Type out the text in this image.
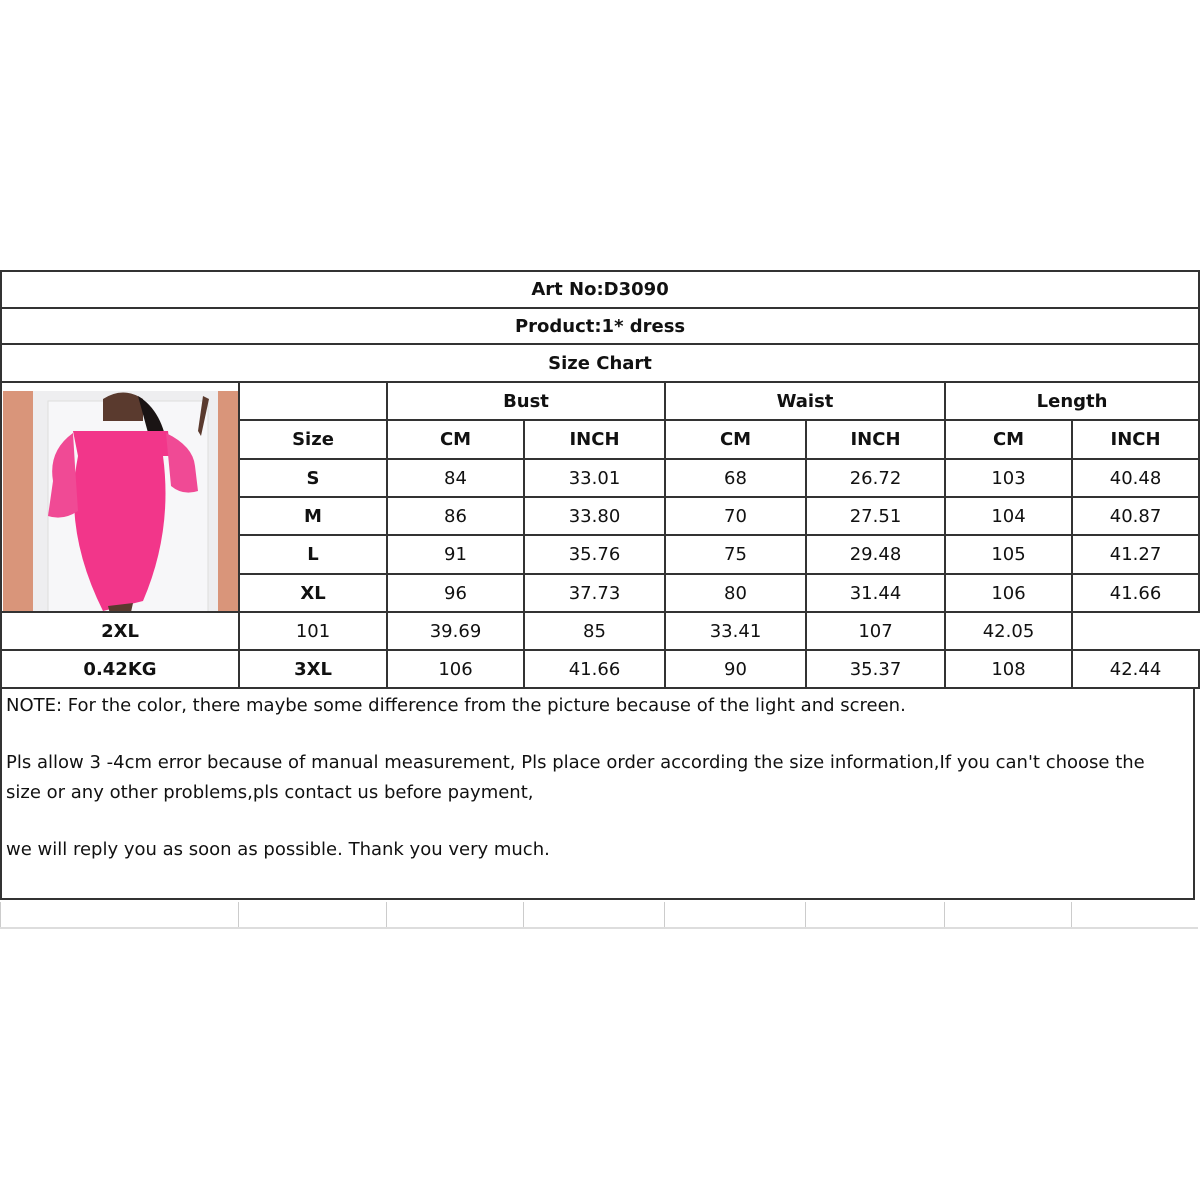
Art No:D3090							
Product:1* dress							
Size Chart							

		Bust		Waist		Length	
	Size	CM	INCH	CM	INCH	CM	INCH
	S	84	33.01	68	26.72	103	40.48
	M	86	33.80	70	27.51	104	40.87
	L	91	35.76	75	29.48	105	41.27
	XL	96	37.73	80	31.44	106	41.66
2XL	101	39.69	85	33.41	107	42.05	
0.42KG	3XL	106	41.66	90	35.37	108	42.44

NOTE: For the color, there maybe some difference from the picture because of the light and screen.

Pls allow 3 -4cm error because of manual measurement, Pls place order according the size information,If you can't choose the size or any other problems,pls contact us before payment,

we will reply you as soon as possible. Thank you very much.
